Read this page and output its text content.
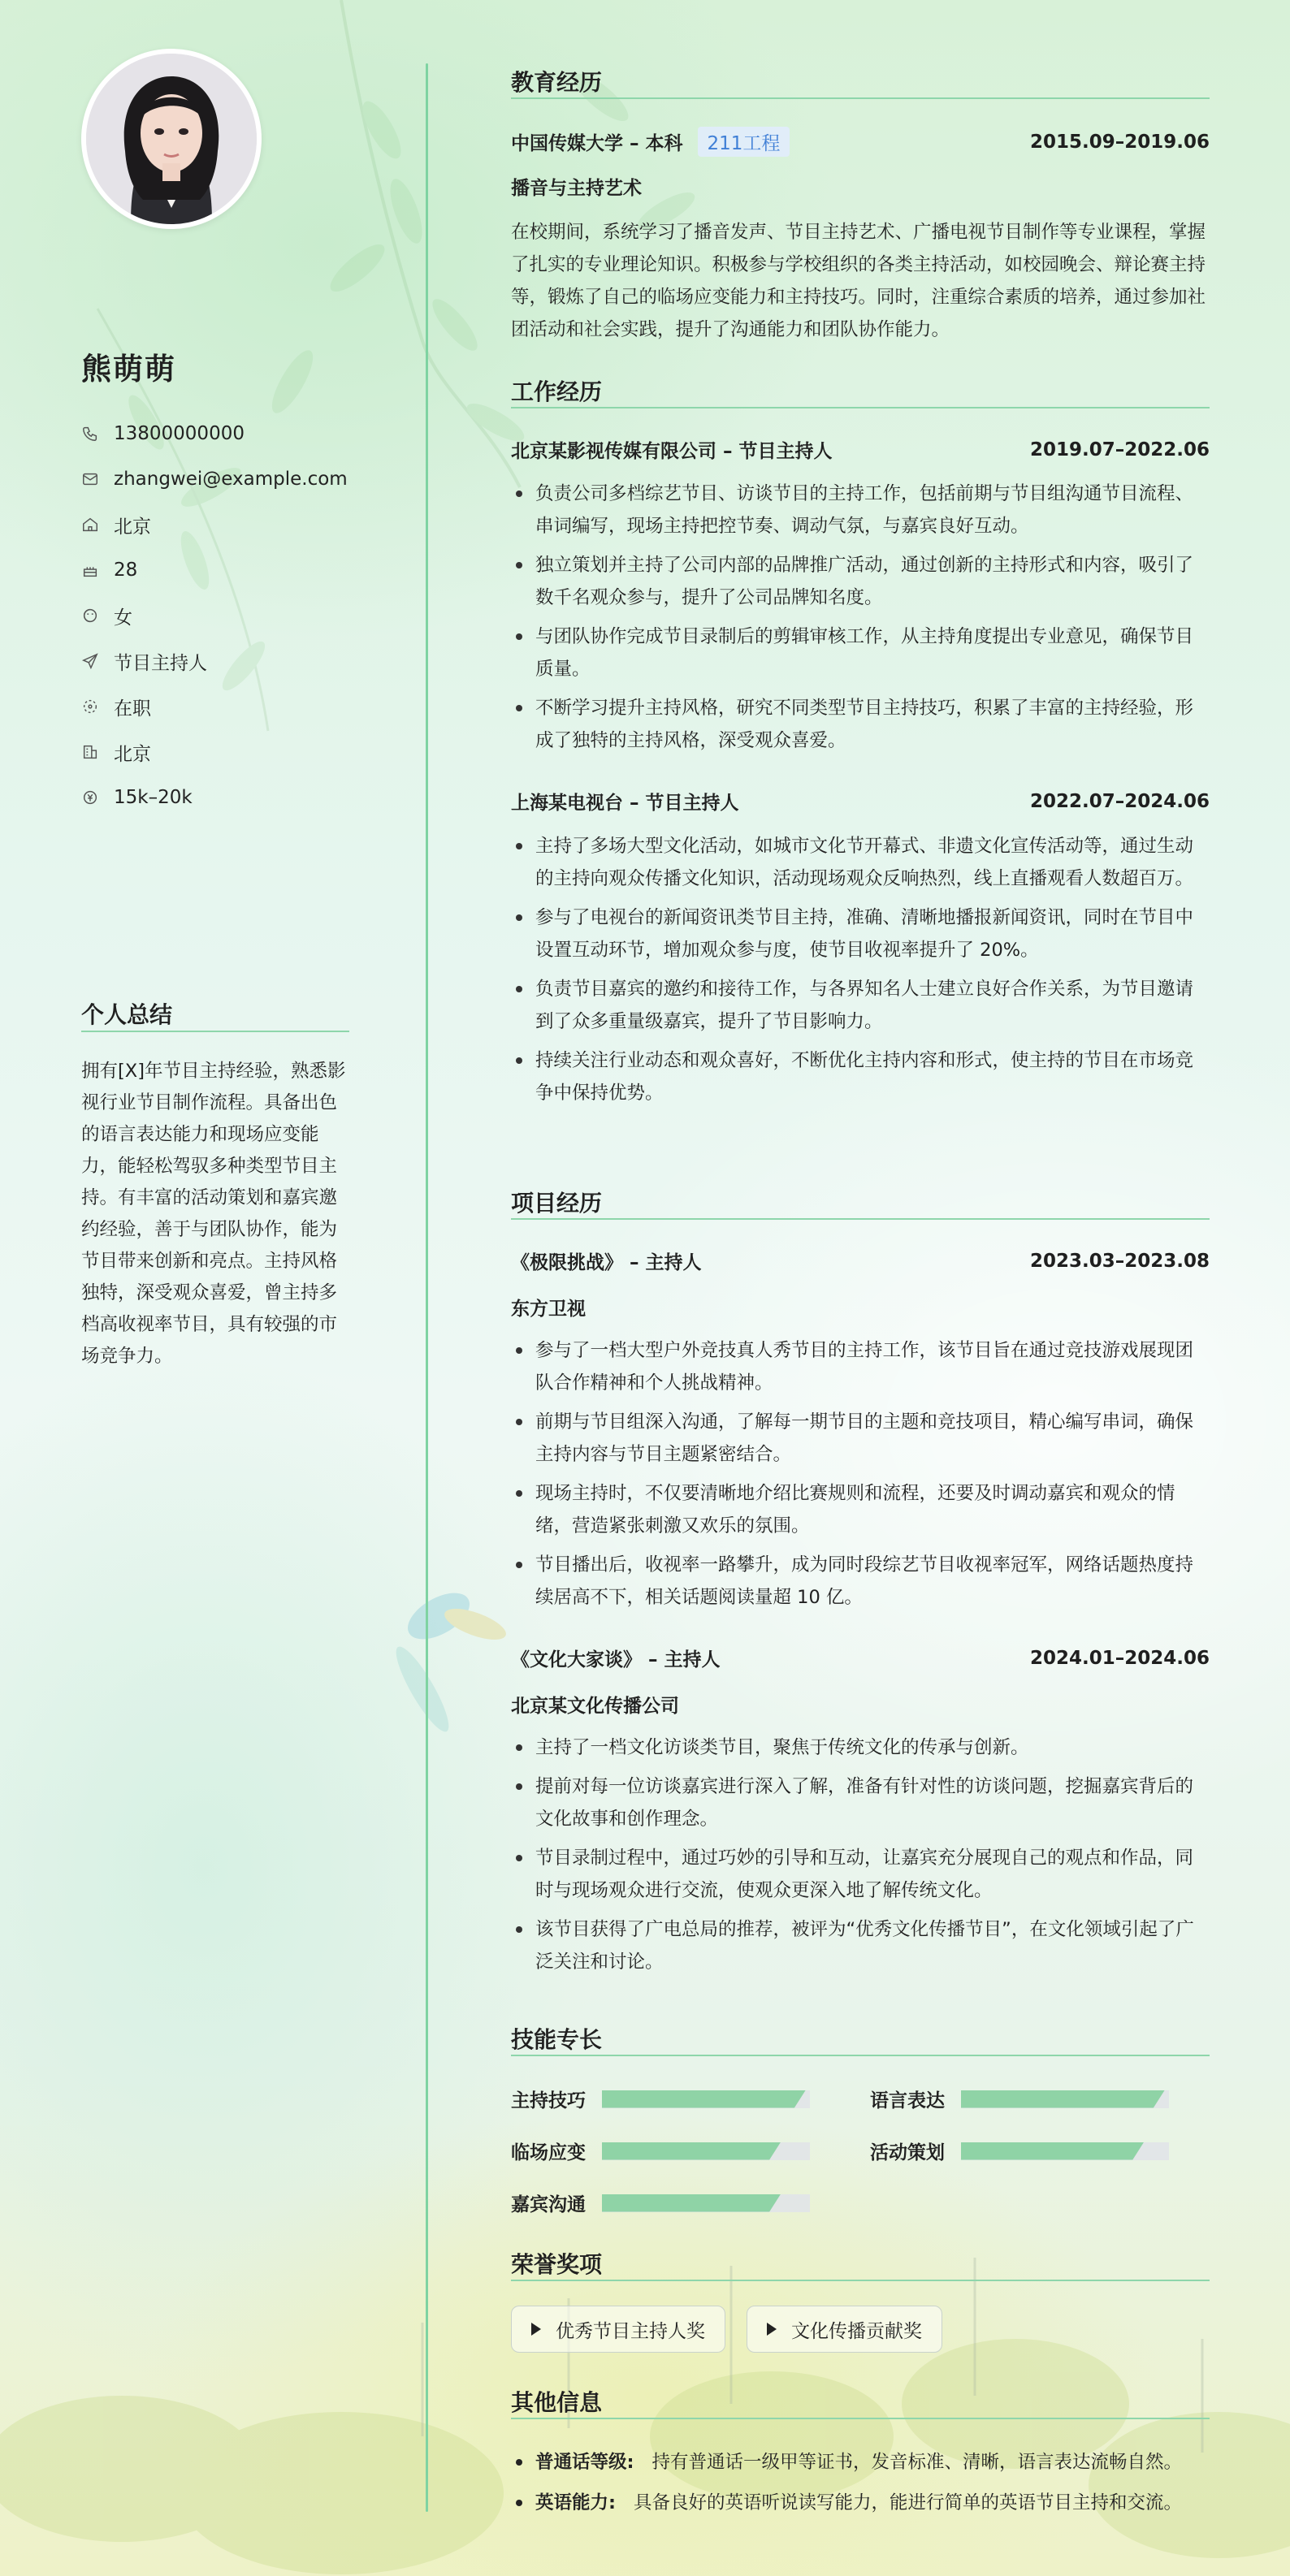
熊萌萌
13800000000
zhangwei@example.com
北京
28
女
节目主持人
在职
北京
15k–20k
个人总结
拥有[X]年节目主持经验，熟悉影视行业节目制作流程。具备出色的语言表达能力和现场应变能力，能轻松驾驭多种类型节目主持。有丰富的活动策划和嘉宾邀约经验，善于与团队协作，能为节目带来创新和亮点。主持风格独特，深受观众喜爱，曾主持多档高收视率节目，具有较强的市场竞争力。
教育经历
中国传媒大学 – 本科 211工程	2015.09–2019.06
播音与主持艺术
在校期间，系统学习了播音发声、节目主持艺术、广播电视节目制作等专业课程，掌握了扎实的专业理论知识。积极参与学校组织的各类主持活动，如校园晚会、辩论赛主持等，锻炼了自己的临场应变能力和主持技巧。同时，注重综合素质的培养，通过参加社团活动和社会实践，提升了沟通能力和团队协作能力。
工作经历
北京某影视传媒有限公司 – 节目主持人	2019.07–2022.06
负责公司多档综艺节目、访谈节目的主持工作，包括前期与节目组沟通节目流程、串词编写，现场主持把控节奏、调动气氛，与嘉宾良好互动。
独立策划并主持了公司内部的品牌推广活动，通过创新的主持形式和内容，吸引了数千名观众参与，提升了公司品牌知名度。
与团队协作完成节目录制后的剪辑审核工作，从主持角度提出专业意见，确保节目质量。
不断学习提升主持风格，研究不同类型节目主持技巧，积累了丰富的主持经验，形成了独特的主持风格，深受观众喜爱。
上海某电视台 – 节目主持人	2022.07–2024.06
主持了多场大型文化活动，如城市文化节开幕式、非遗文化宣传活动等，通过生动的主持向观众传播文化知识，活动现场观众反响热烈，线上直播观看人数超百万。
参与了电视台的新闻资讯类节目主持，准确、清晰地播报新闻资讯，同时在节目中设置互动环节，增加观众参与度，使节目收视率提升了 20%。
负责节目嘉宾的邀约和接待工作，与各界知名人士建立良好合作关系，为节目邀请到了众多重量级嘉宾，提升了节目影响力。
持续关注行业动态和观众喜好，不断优化主持内容和形式，使主持的节目在市场竞争中保持优势。
项目经历
《极限挑战》 – 主持人	2023.03–2023.08
东方卫视
参与了一档大型户外竞技真人秀节目的主持工作，该节目旨在通过竞技游戏展现团队合作精神和个人挑战精神。
前期与节目组深入沟通，了解每一期节目的主题和竞技项目，精心编写串词，确保主持内容与节目主题紧密结合。
现场主持时，不仅要清晰地介绍比赛规则和流程，还要及时调动嘉宾和观众的情绪，营造紧张刺激又欢乐的氛围。
节目播出后，收视率一路攀升，成为同时段综艺节目收视率冠军，网络话题热度持续居高不下，相关话题阅读量超 10 亿。
《文化大家谈》 – 主持人	2024.01–2024.06
北京某文化传播公司
主持了一档文化访谈类节目，聚焦于传统文化的传承与创新。
提前对每一位访谈嘉宾进行深入了解，准备有针对性的访谈问题，挖掘嘉宾背后的文化故事和创作理念。
节目录制过程中，通过巧妙的引导和互动，让嘉宾充分展现自己的观点和作品，同时与现场观众进行交流，使观众更深入地了解传统文化。
该节目获得了广电总局的推荐，被评为“优秀文化传播节目”，在文化领域引起了广泛关注和讨论。
技能专长
主持技巧	语言表达
临场应变	活动策划
嘉宾沟通
荣誉奖项
优秀节目主持人奖	文化传播贡献奖
其他信息
普通话等级: 持有普通话一级甲等证书，发音标准、清晰，语言表达流畅自然。
英语能力: 具备良好的英语听说读写能力，能进行简单的英语节目主持和交流。
